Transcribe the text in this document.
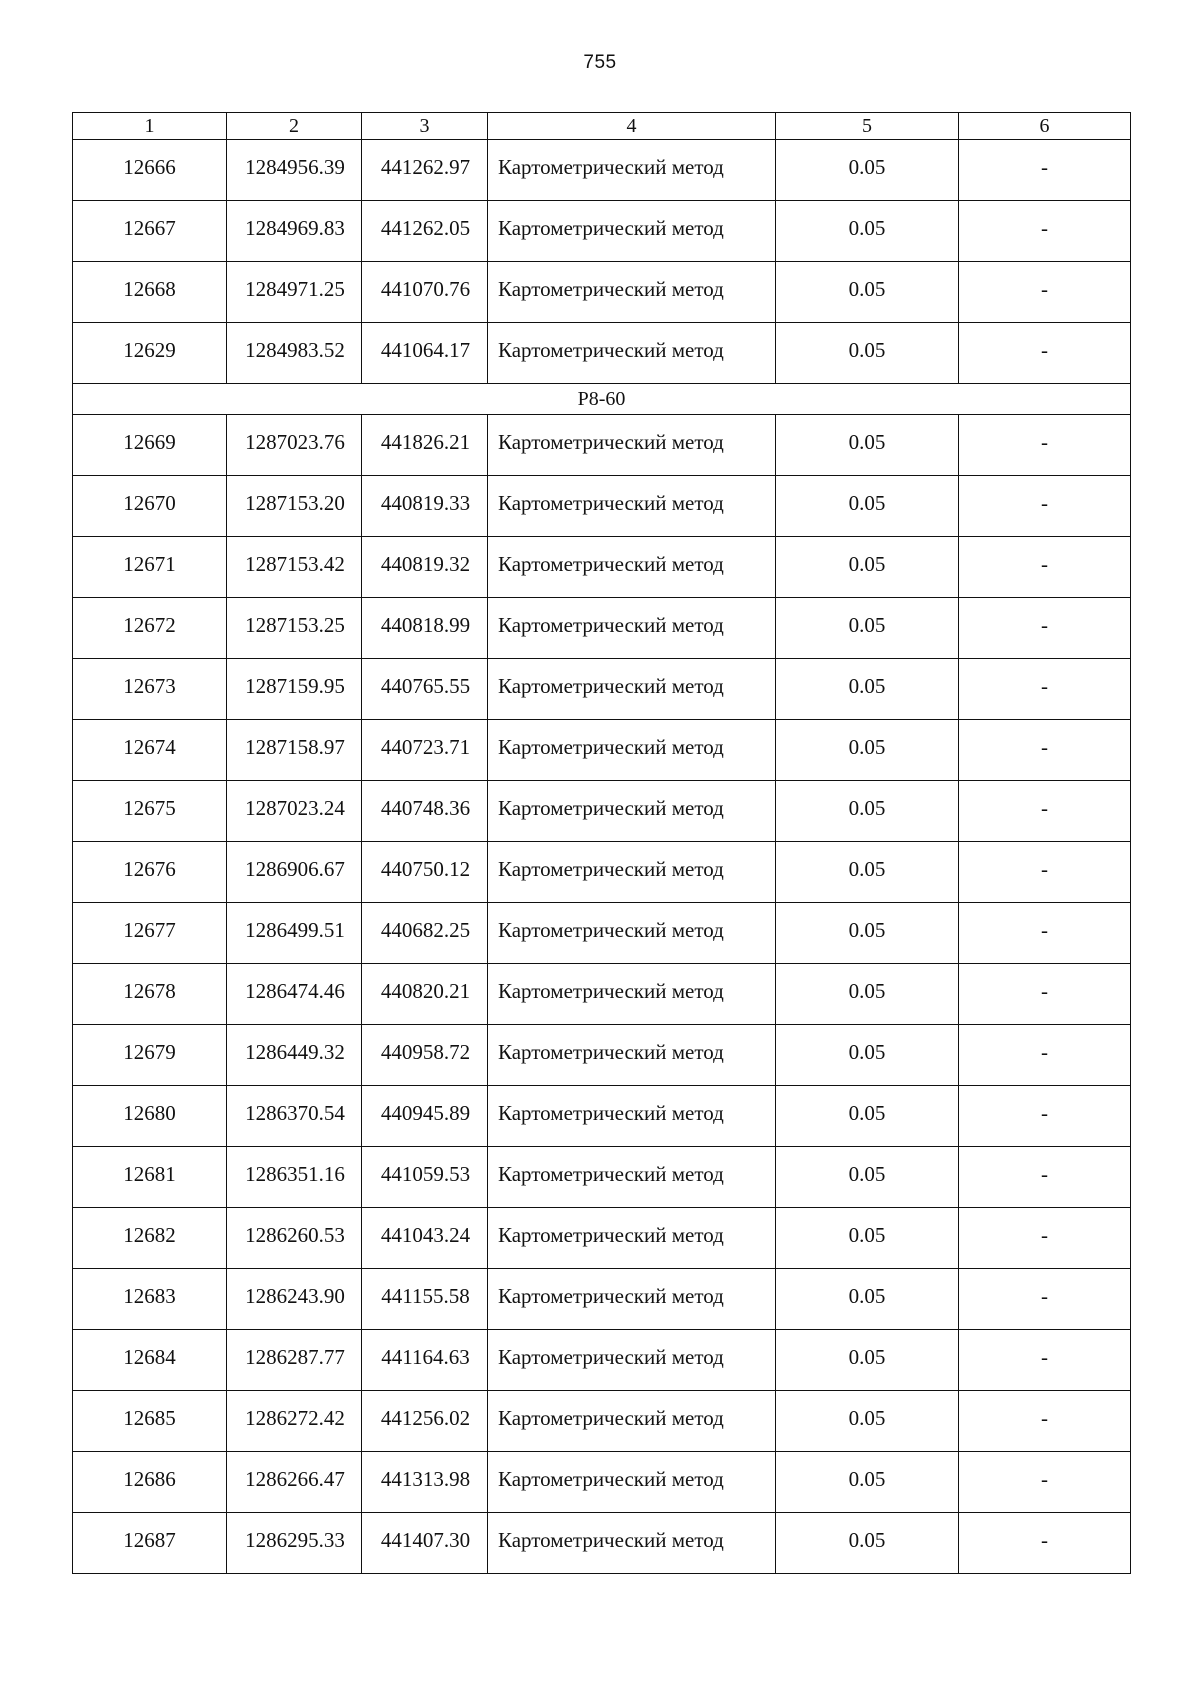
755
1	2	3	4	5	6
12666	1284956.39	441262.97	Картометрический метод	0.05	-
12667	1284969.83	441262.05	Картометрический метод	0.05	-
12668	1284971.25	441070.76	Картометрический метод	0.05	-
12629	1284983.52	441064.17	Картометрический метод	0.05	-
P8-60					
12669	1287023.76	441826.21	Картометрический метод	0.05	-
12670	1287153.20	440819.33	Картометрический метод	0.05	-
12671	1287153.42	440819.32	Картометрический метод	0.05	-
12672	1287153.25	440818.99	Картометрический метод	0.05	-
12673	1287159.95	440765.55	Картометрический метод	0.05	-
12674	1287158.97	440723.71	Картометрический метод	0.05	-
12675	1287023.24	440748.36	Картометрический метод	0.05	-
12676	1286906.67	440750.12	Картометрический метод	0.05	-
12677	1286499.51	440682.25	Картометрический метод	0.05	-
12678	1286474.46	440820.21	Картометрический метод	0.05	-
12679	1286449.32	440958.72	Картометрический метод	0.05	-
12680	1286370.54	440945.89	Картометрический метод	0.05	-
12681	1286351.16	441059.53	Картометрический метод	0.05	-
12682	1286260.53	441043.24	Картометрический метод	0.05	-
12683	1286243.90	441155.58	Картометрический метод	0.05	-
12684	1286287.77	441164.63	Картометрический метод	0.05	-
12685	1286272.42	441256.02	Картометрический метод	0.05	-
12686	1286266.47	441313.98	Картометрический метод	0.05	-
12687	1286295.33	441407.30	Картометрический метод	0.05	-
